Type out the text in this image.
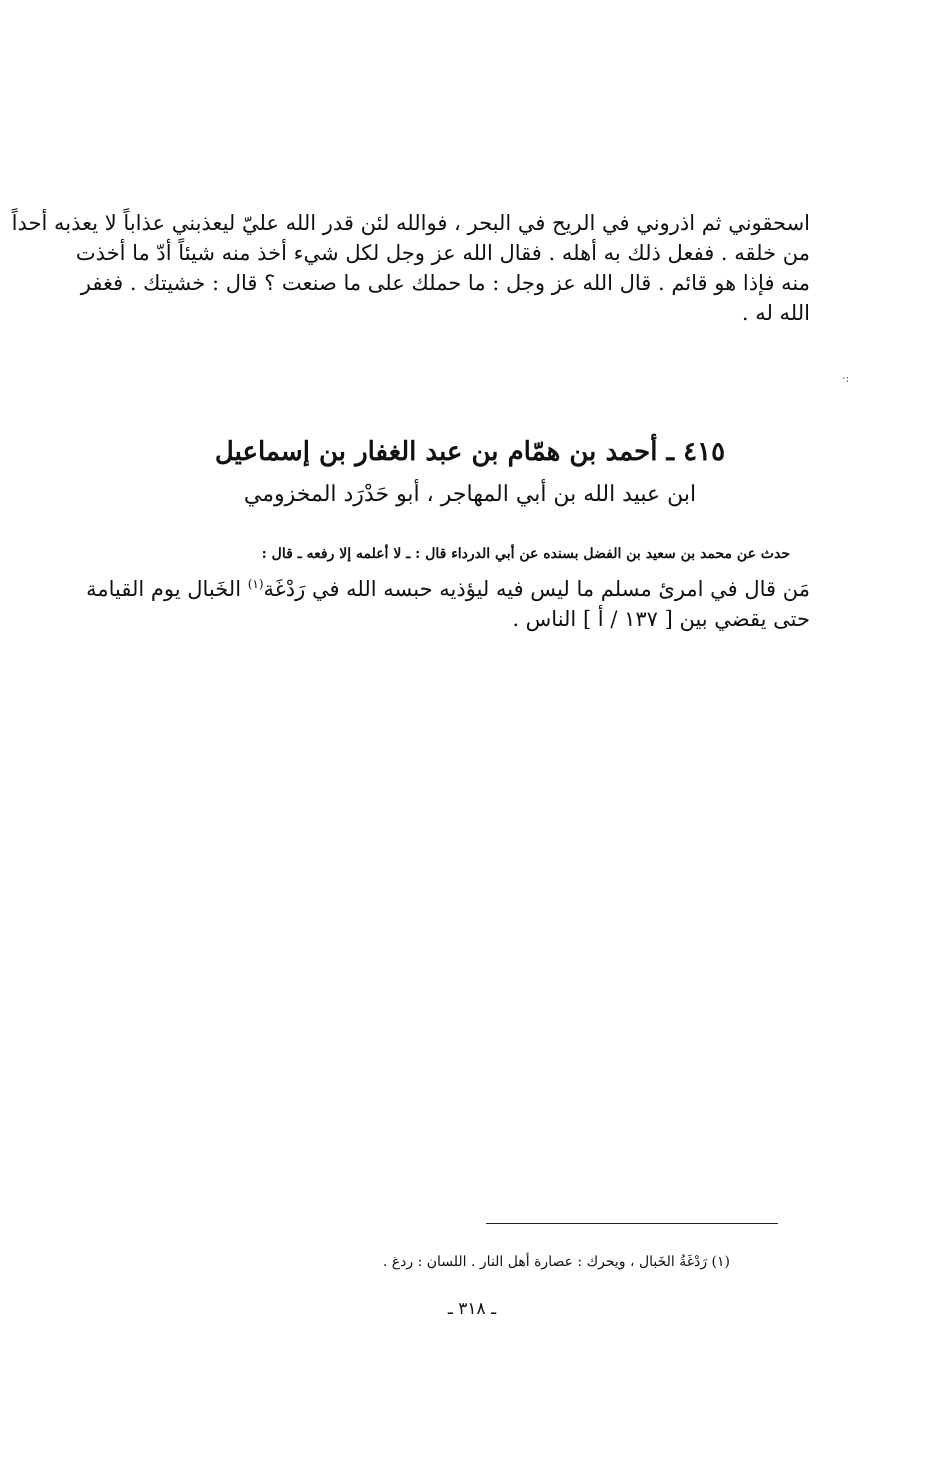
اسحقوني ثم اذروني في الريح في البحر ، فوالله لئن قدر الله عليّ ليعذبني عذاباً لا يعذبه أحداً
من خلقه . ففعل ذلك به أهله . فقال الله عز وجل لكل شيء أخذ منه شيئاً أدّ ما أخذت
منه فإذا هو قائم . قال الله عز وجل : ما حملك على ما صنعت ؟ قال : خشيتك . فغفر
الله له .
·:
٤١٥ ـ أحمد بن همّام بن عبد الغفار بن إسماعيل
ابن عبيد الله بن أبي المهاجر ، أبو حَدْرَد المخزومي
حدث عن محمد بن سعيد بن الفضل بسنده عن أبي الدرداء قال : ـ لا أعلمه إلا رفعه ـ قال :
مَن قال في امرئ مسلم ما ليس فيه ليؤذيه حبسه الله في رَدْغَة$^{(١)}$ الخَبال يوم القيامة
حتى يقضي بين [ ١٣٧ / أ ] الناس .
(١) رَدْغَةُ الخَبال ، ويحرك : عصارة أهل النار . اللسان : ردغ .
ـ ٣١٨ ـ
